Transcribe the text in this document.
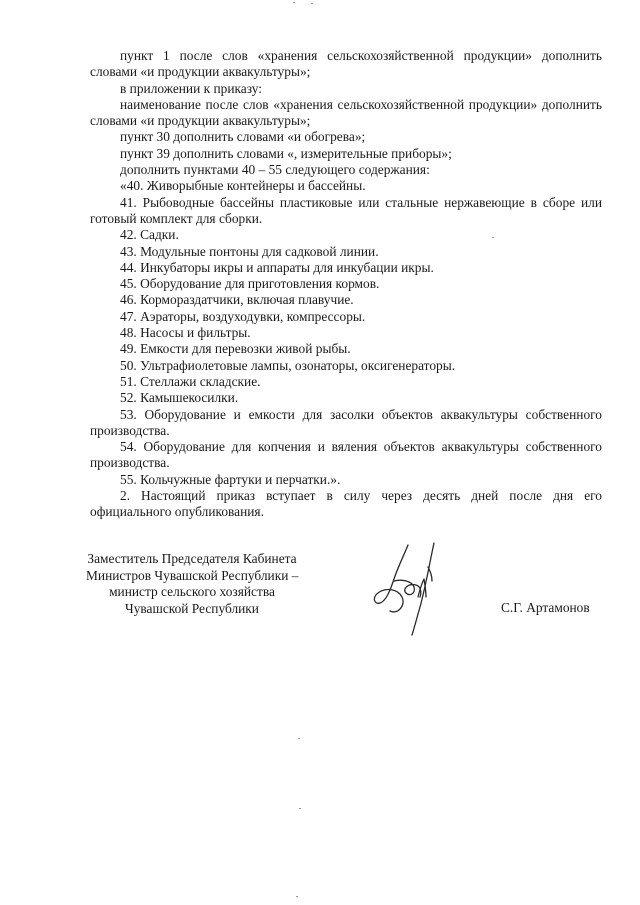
пункт 1 после слов «хранения сельскохозяйственной продукции» дополнить словами «и продукции аквакультуры»;

в приложении к приказу:

наименование после слов «хранения сельскохозяйственной продукции» дополнить словами «и продукции аквакультуры»;

пункт 30 дополнить словами «и обогрева»;

пункт 39 дополнить словами «, измерительные приборы»;

дополнить пунктами 40 – 55 следующего содержания:

«40. Живорыбные контейнеры и бассейны.

41. Рыбоводные бассейны пластиковые или стальные нержавеющие в сборе или готовый комплект для сборки.

42. Садки.

43. Модульные понтоны для садковой линии.

44. Инкубаторы икры и аппараты для инкубации икры.

45. Оборудование для приготовления кормов.

46. Кормораздатчики, включая плавучие.

47. Аэраторы, воздуходувки, компрессоры.

48. Насосы и фильтры.

49. Емкости для перевозки живой рыбы.

50. Ультрафиолетовые лампы, озонаторы, оксигенераторы.

51. Стеллажи складские.

52. Камышекосилки.

53. Оборудование и емкости для засолки объектов аквакультуры собственного производства.

54. Оборудование для копчения и вяления объектов аквакультуры собственного производства.

55. Кольчужные фартуки и перчатки.».

2. Настоящий приказ вступает в силу через десять дней после дня его официального опубликования.

Заместитель Председателя Кабинета
Министров Чувашской Республики –
министр сельского хозяйства
Чувашской Республики	С.Г. Артамонов
